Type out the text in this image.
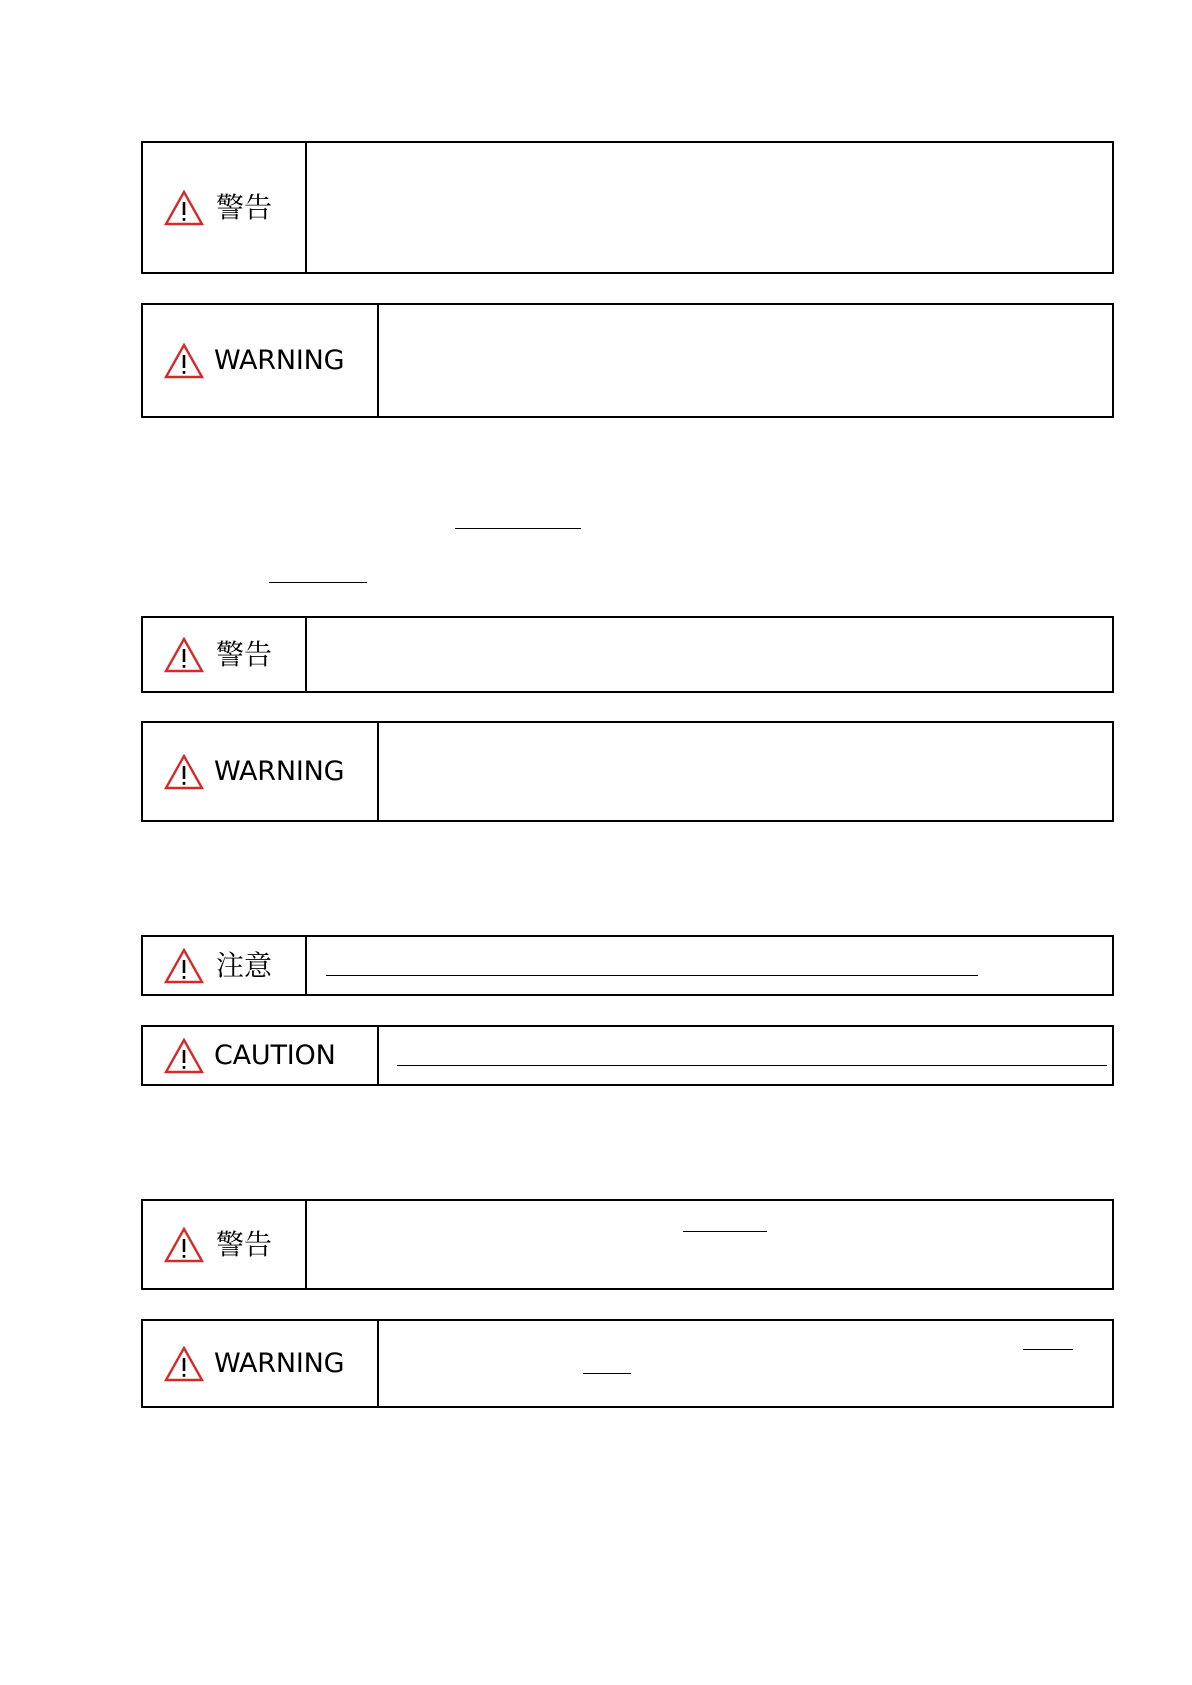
警告
WARNING
警告
WARNING
注意
CAUTION
警告
WARNING
